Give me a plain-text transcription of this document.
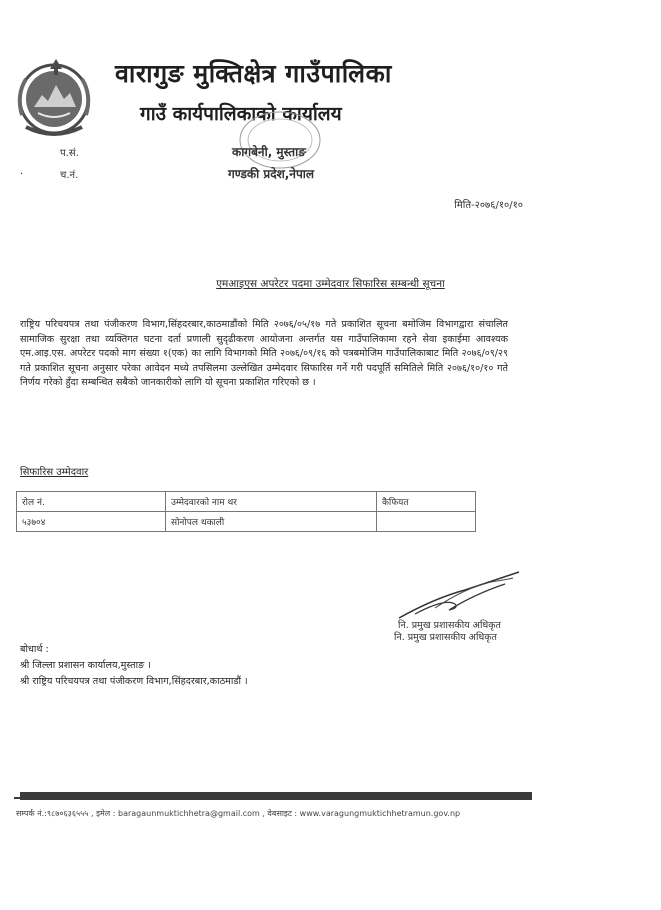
वारागुङ मुक्तिक्षेत्र गाउँपालिका
गाउँ कार्यपालिकाको कार्यालय
कागबेनी, मुस्ताङ
गण्डकी प्रदेश,नेपाल
प.सं.
.	च.नं.
मिति-२०७६/१०/१०
एमआइएस अपरेटर पदमा उम्मेदवार सिफारिस सम्बन्धी सूचना
राष्ट्रिय परिचयपत्र तथा पंजीकरण विभाग,सिंहदरबार,काठमाडौंको मिति २०७६/०५/१७ गते प्रकाशित सूचना बमोजिम विभागद्वारा संचालित सामाजिक सुरक्षा तथा व्यक्तिगत घटना दर्ता प्रणाली सुदृढीकरण आयोजना अन्तर्गत यस गाउँपालिकामा रहने सेवा इकाईमा आवश्यक एम.आइ.एस. अपरेटर पदको माग संख्या १(एक) का लागि विभागको मिति २०७६/०९/१६ को पत्रबमोजिम गाउँपालिकाबाट मिति २०७६/०९/२९ गते प्रकाशित सूचना अनुसार परेका आवेदन मध्ये तपसिलमा उल्लेखित उम्मेदवार सिफारिस गर्ने गरी पदपूर्ति समितिले मिति २०७६/१०/१० गते निर्णय गरेको हुँदा सम्बन्धित सबैको जानकारीको लागि यो सूचना प्रकाशित गरिएको छ ।
सिफारिस उम्मेदवार
रोल नं.	उम्मेदवारको नाम थर	कैफियत
५३७०४	सोनोपल थकाली	
नि. प्रमुख प्रशासकीय अधिकृत
नि. प्रमुख प्रशासकीय अधिकृत
बोधार्थ :
श्री जिल्ला प्रशासन कार्यालय,मुस्ताङ ।
श्री राष्ट्रिय परिचयपत्र तथा पंजीकरण विभाग,सिंहदरबार,काठमाडौं ।
सम्पर्क नं.:९८७०६३६५५५ , इमेल : baragaunmuktichhetra@gmail.com , वेबसाइट : www.varagungmuktichhetramun.gov.np
